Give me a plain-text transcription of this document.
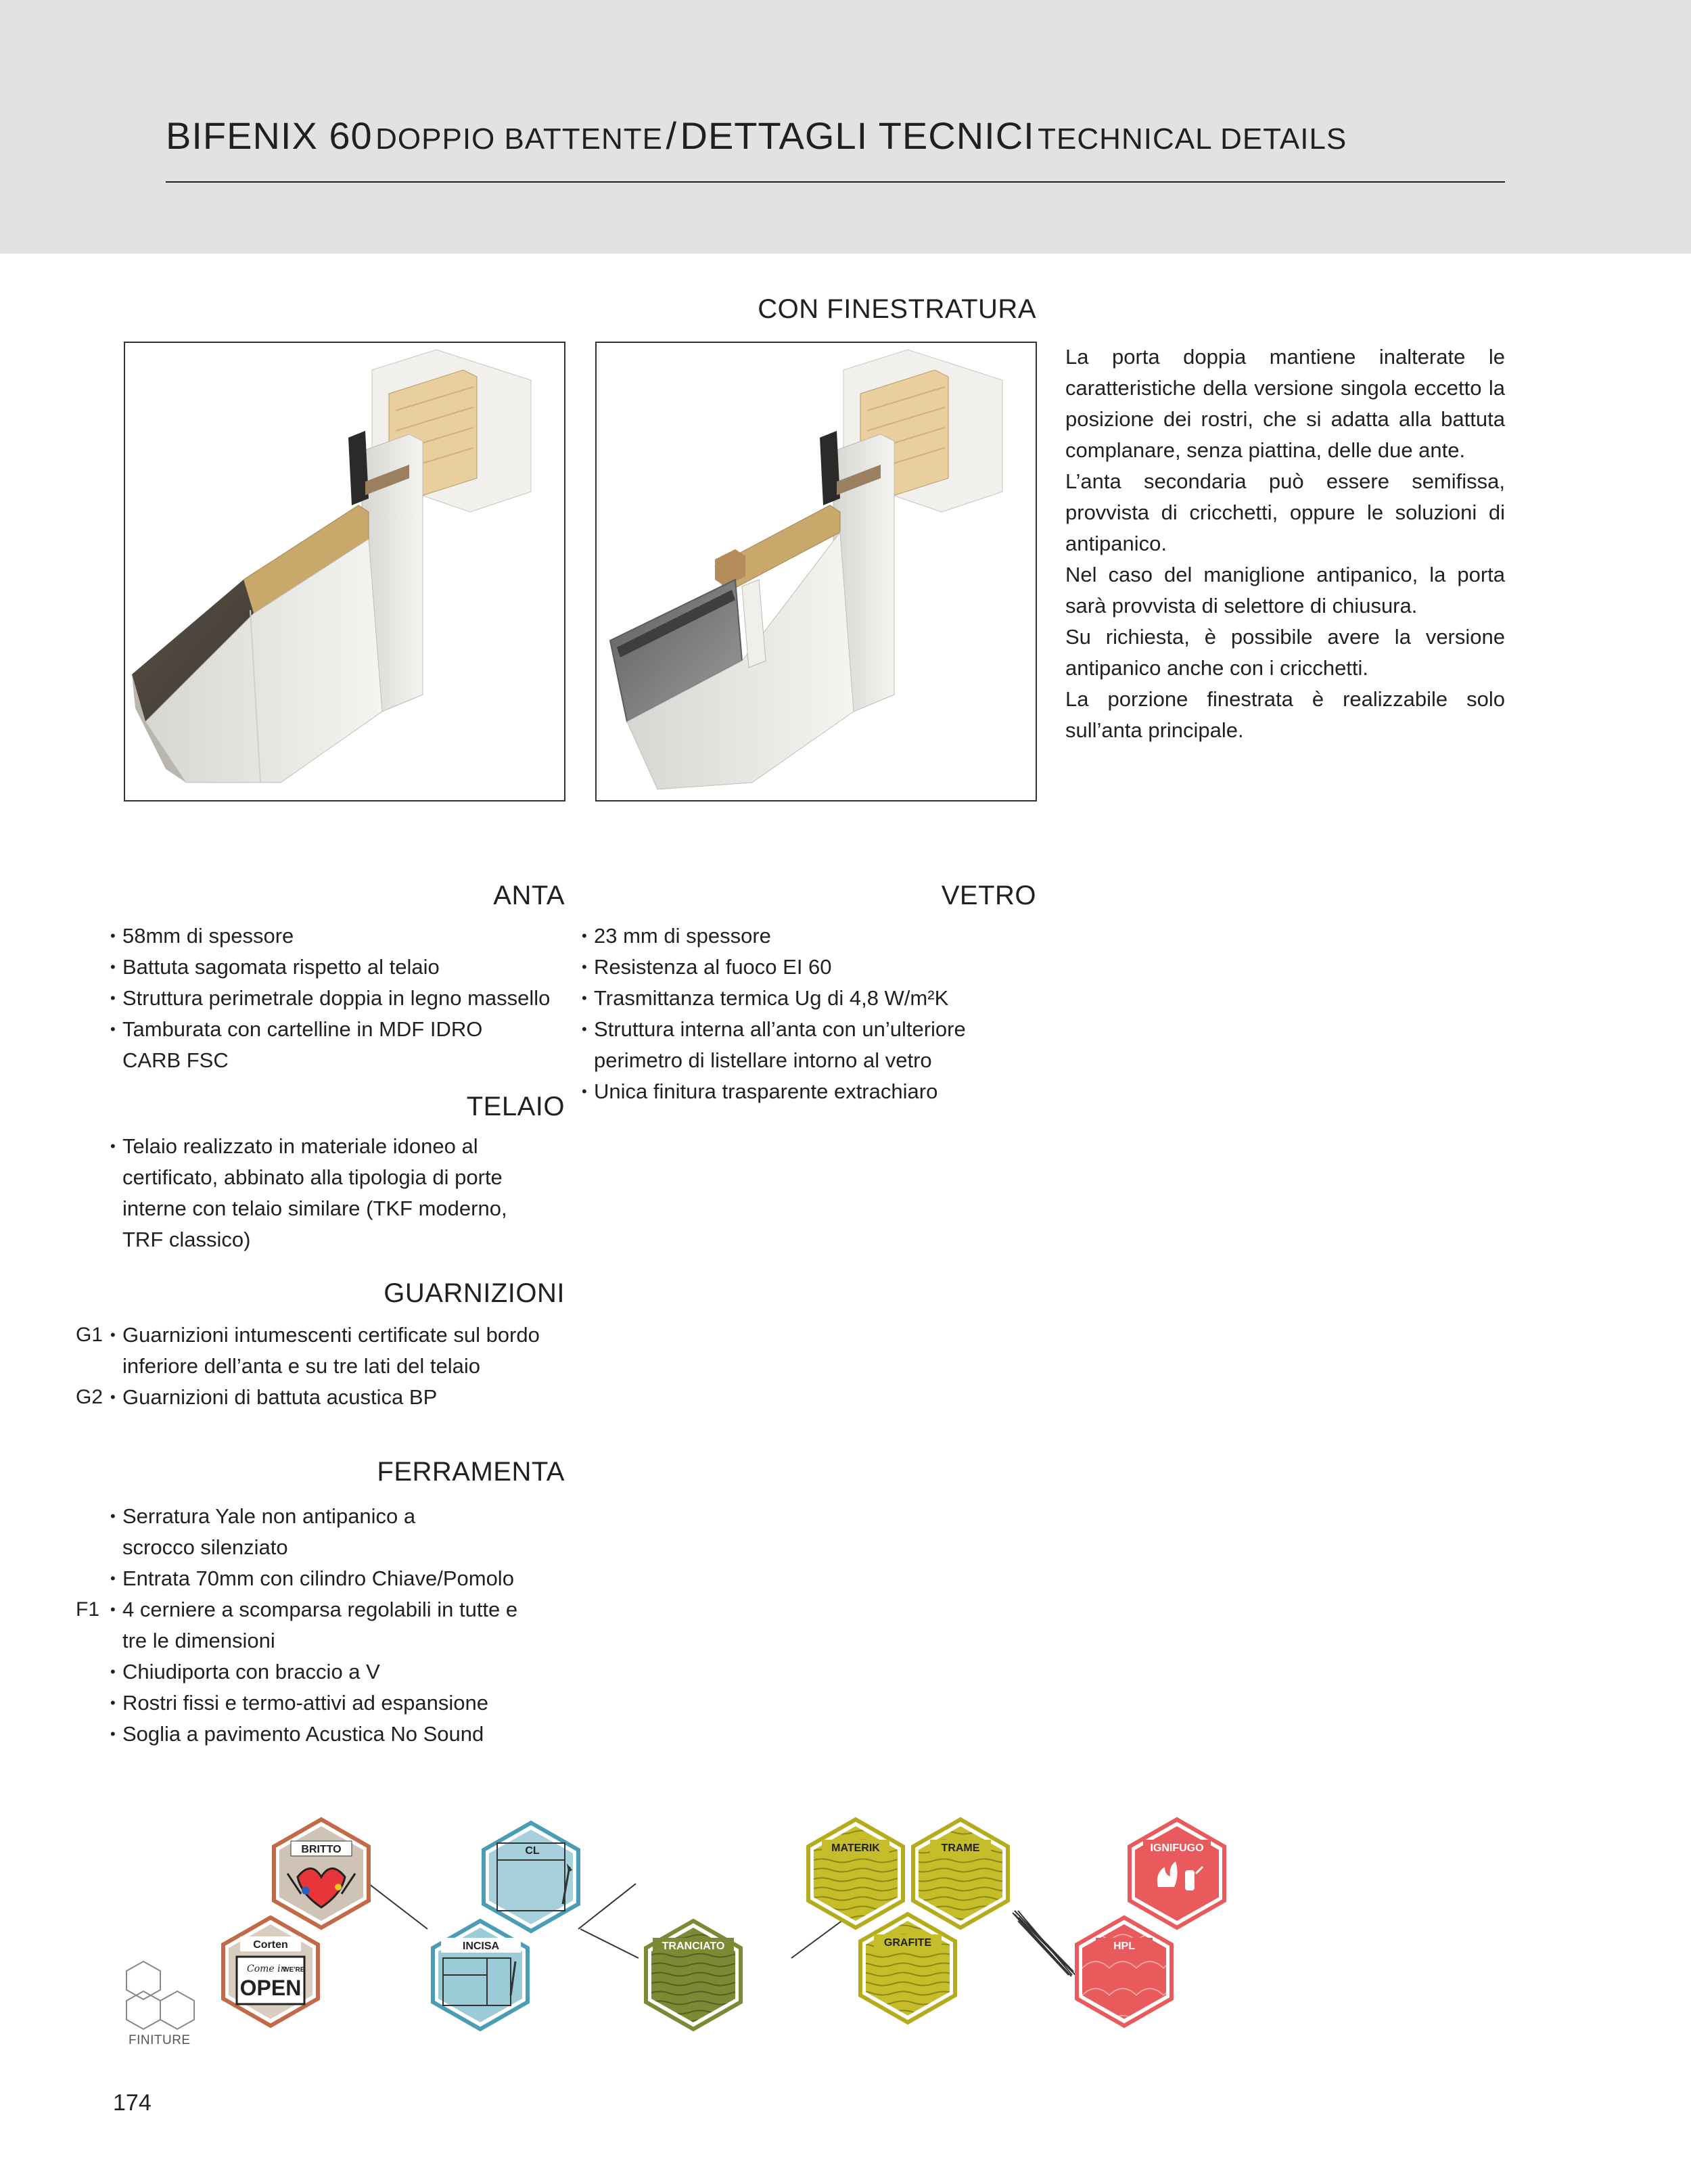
BIFENIX 60 DOPPIO BATTENTE / DETTAGLI TECNICI TECHNICAL DETAILS
CON FINESTRATURA

La porta doppia mantiene inalterate le caratteristiche della versione singola eccetto la posizione dei rostri, che si adatta alla battuta complanare, senza piattina, delle due ante.

L’anta secondaria può essere semifissa, provvista di cricchetti, oppure le soluzioni di antipanico.

Nel caso del maniglione antipanico, la porta sarà provvista di selettore di chiusura.

Su richiesta, è possibile avere la versione antipanico anche con i cricchetti.

La porzione finestrata è realizzabile solo sull’anta principale.

ANTA
• 58mm di spessore
• Battuta sagomata rispetto al telaio
• Struttura perimetrale doppia in legno massello
• Tamburata con cartelline in MDF IDRO CARB FSC
TELAIO
• Telaio realizzato in materiale idoneo al certificato, abbinato alla tipologia di porte interne con telaio similare (TKF moderno, TRF classico)
GUARNIZIONI
G1
G2
• Guarnizioni intumescenti certificate sul bordo inferiore dell’anta e su tre lati del telaio
• Guarnizioni di battuta acustica BP
FERRAMENTA
F1
• Serratura Yale non antipanico a scrocco silenziato
• Entrata 70mm con cilindro Chiave/Pomolo
• 4 cerniere a scomparsa regolabili in tutte e tre le dimensioni
• Chiudiporta con braccio a V
• Rostri fissi e termo-attivi ad espansione
• Soglia a pavimento Acustica No Sound
VETRO
• 23 mm di spessore
• Resistenza al fuoco EI 60
• Trasmittanza termica Ug di 4,8 W/m²K
• Struttura interna all’anta con un’ulteriore perimetro di listellare intorno al vetro
• Unica finitura trasparente extrachiaro
BRITTO
Corten
Come in
WE'RE
OPEN
CL
INCISA	TRANCIATO
MATERIK	TRAME
GRAFITE
IGNIFUGO
HPL
FINITURE
174
